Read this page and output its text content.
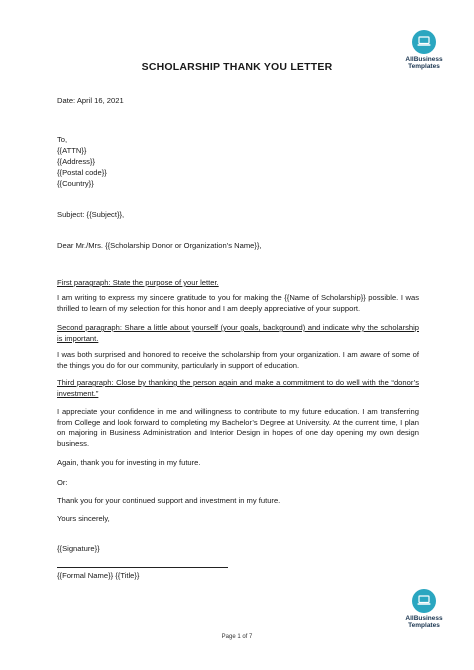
AllBusiness
Templates
SCHOLARSHIP THANK YOU LETTER

Date: April 16, 2021

To,

{{ATTN}}

{{Address}}

{{Postal code}}

{{Country}}

Subject: {{Subject}},

Dear Mr./Mrs. {{Scholarship Donor or Organization’s Name}},

First paragraph: State the purpose of your letter.

I am writing to express my sincere gratitude to you for making the {{Name of Scholarship}} possible. I was thrilled to learn of my selection for this honor and I am deeply appreciative of your support.

Second paragraph: Share a little about yourself (your goals, background) and indicate why the scholarship is important.

I was both surprised and honored to receive the scholarship from your organization. I am aware of some of the things you do for our community, particularly in support of education.

Third paragraph: Close by thanking the person again and make a commitment to do well with the “donor’s investment.”

I appreciate your confidence in me and willingness to contribute to my future education. I am transferring from College and look forward to completing my Bachelor’s Degree at University. At the current time, I plan on majoring in Business Administration and Interior Design in hopes of one day opening my own design business.

Again, thank you for investing in my future.

Or:

Thank you for your continued support and investment in my future.

Yours sincerely,

{{Signature}}

{{Formal Name}} {{Title}}

AllBusiness
Templates
Page 1 of 7
